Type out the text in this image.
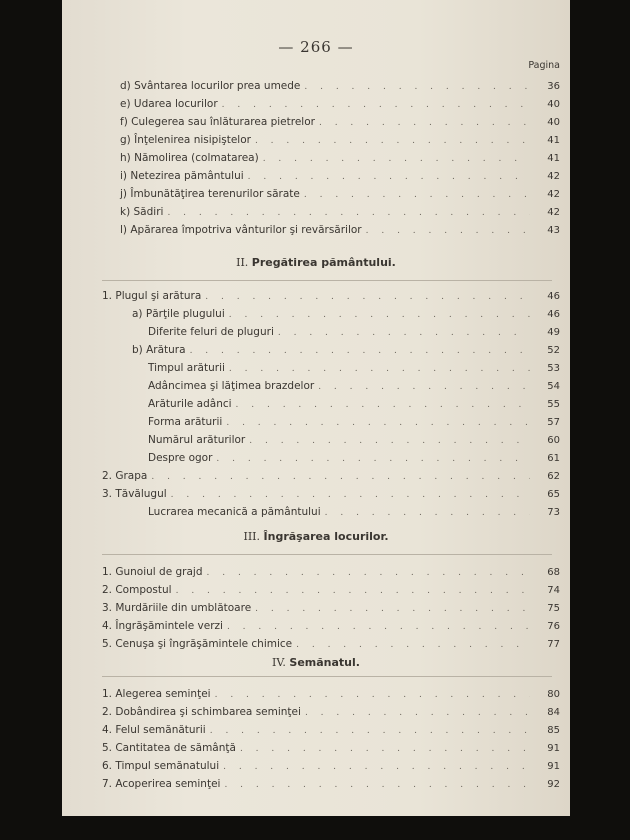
— 266 —
Pagina
d) Svântarea locurilor prea umede . . .	36
e) Udarea locurilor . . .	40
f) Culegerea sau înlăturarea pietrelor . . .	40
g) Înţelenirea nisipiştelor . . .	41
h) Nămolirea (colmatarea) . . .	41
i) Netezirea pământului . . .	42
j) Îmbunătăţirea terenurilor sărate . . .	42
k) Sădiri . . .	42
l) Apărarea împotriva vânturilor şi revărsărilor . . .	43
II. Pregătirea pământului.
1. Plugul şi arătura . . .	46
a) Părţile plugului . . .	46
Diferite feluri de pluguri . . .	49
b) Arătura . . .	52
Timpul arăturii . . .	53
Adâncimea şi lăţimea brazdelor . . .	54
Arăturile adânci . . .	55
Forma arăturii . . .	57
Numărul arăturilor . . .	60
Despre ogor . . .	61
2. Grapa . . .	62
3. Tăvălugul . . .	65
Lucrarea mecanică a pământului . . .	73
III. Îngrăşarea locurilor.
1. Gunoiul de grajd . . .	68
2. Compostul . . .	74
3. Murdăriile din umblătoare . . .	75
4. Îngrăşămintele verzi . . .	76
5. Cenuşa şi îngrăşămintele chimice . . .	77
IV. Semănatul.
1. Alegerea seminţei . . .	80
2. Dobândirea şi schimbarea seminţei . . .	84
4. Felul semănăturii . . .	85
5. Cantitatea de sămânţă . . .	91
6. Timpul semănatului . . .	91
7. Acoperirea seminţei . . .	92
